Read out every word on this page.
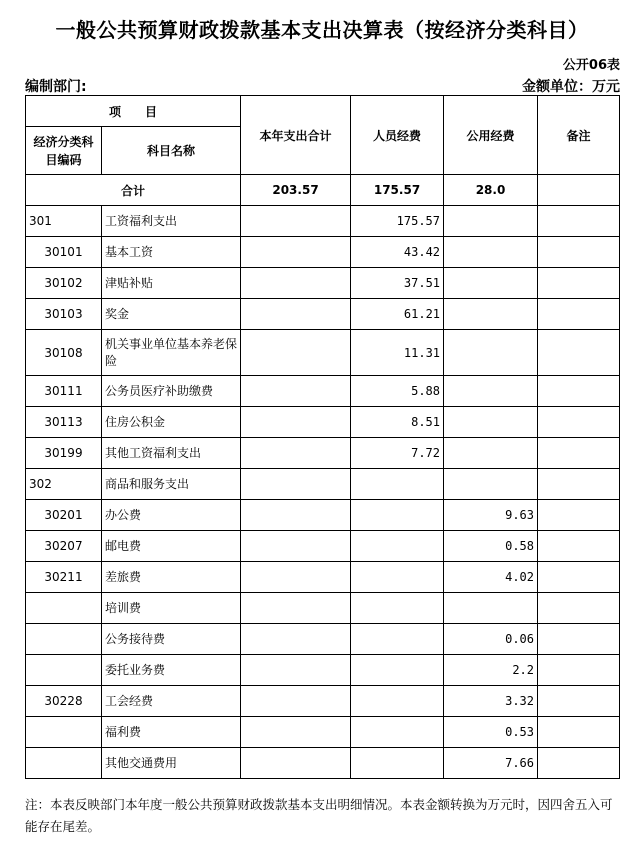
一般公共预算财政拨款基本支出决算表（按经济分类科目）
公开06表
编制部门:	金额单位：万元
项　　目		本年支出合计	人员经费	公用经费	备注
经济分类科目编码	科目名称				
合计		203.57	175.57	28.0	
301	工资福利支出		175.57		
30101	基本工资		43.42		
30102	津贴补贴		37.51		
30103	奖金		61.21		
30108	机关事业单位基本养老保险		11.31		
30111	公务员医疗补助缴费		5.88		
30113	住房公积金		8.51		
30199	其他工资福利支出		7.72		
302	商品和服务支出				
30201	办公费			9.63	
30207	邮电费			0.58	
30211	差旅费			4.02	
	培训费				
	公务接待费			0.06	
	委托业务费			2.2	
30228	工会经费			3.32	
	福利费			0.53	
	其他交通费用			7.66	
注：本表反映部门本年度一般公共预算财政拨款基本支出明细情况。本表金额转换为万元时，因四舍五入可能存在尾差。
